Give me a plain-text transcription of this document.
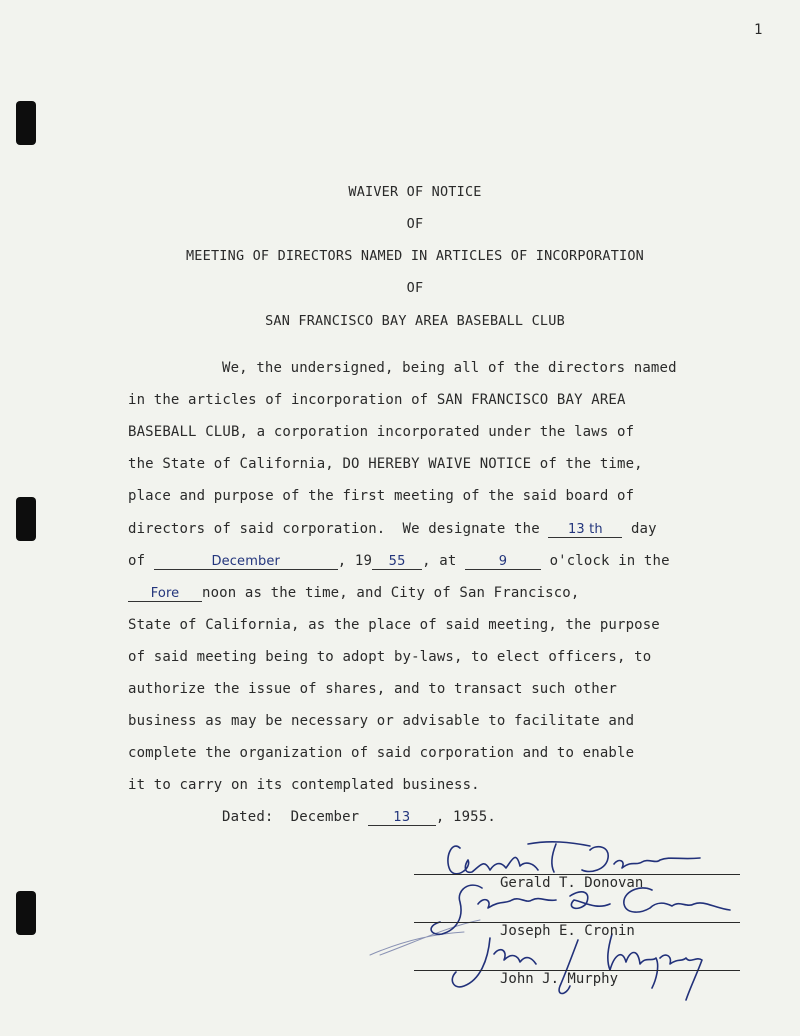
1
WAIVER OF NOTICE
OF
MEETING OF DIRECTORS NAMED IN ARTICLES OF INCORPORATION
OF
SAN FRANCISCO BAY AREA BASEBALL CLUB
We, the undersigned, being all of the directors named
in the articles of incorporation of SAN FRANCISCO BAY AREA
BASEBALL CLUB, a corporation incorporated under the laws of
the State of California, DO HEREBY WAIVE NOTICE of the time,
place and purpose of the first meeting of the said board of
directors of said corporation.  We designate the 13 th day
of	December	, 19 55 , at	9 o'clock in the
Fore noon as the time, and City of San Francisco,
State of California, as the place of said meeting, the purpose
of said meeting being to adopt by-laws, to elect officers, to
authorize the issue of shares, and to transact such other
business as may be necessary or advisable to facilitate and
complete the organization of said corporation and to enable
it to carry on its contemplated business.
Dated:  December 13 , 1955.
Gerald T. Donovan
Joseph E. Cronin
John J. Murphy
